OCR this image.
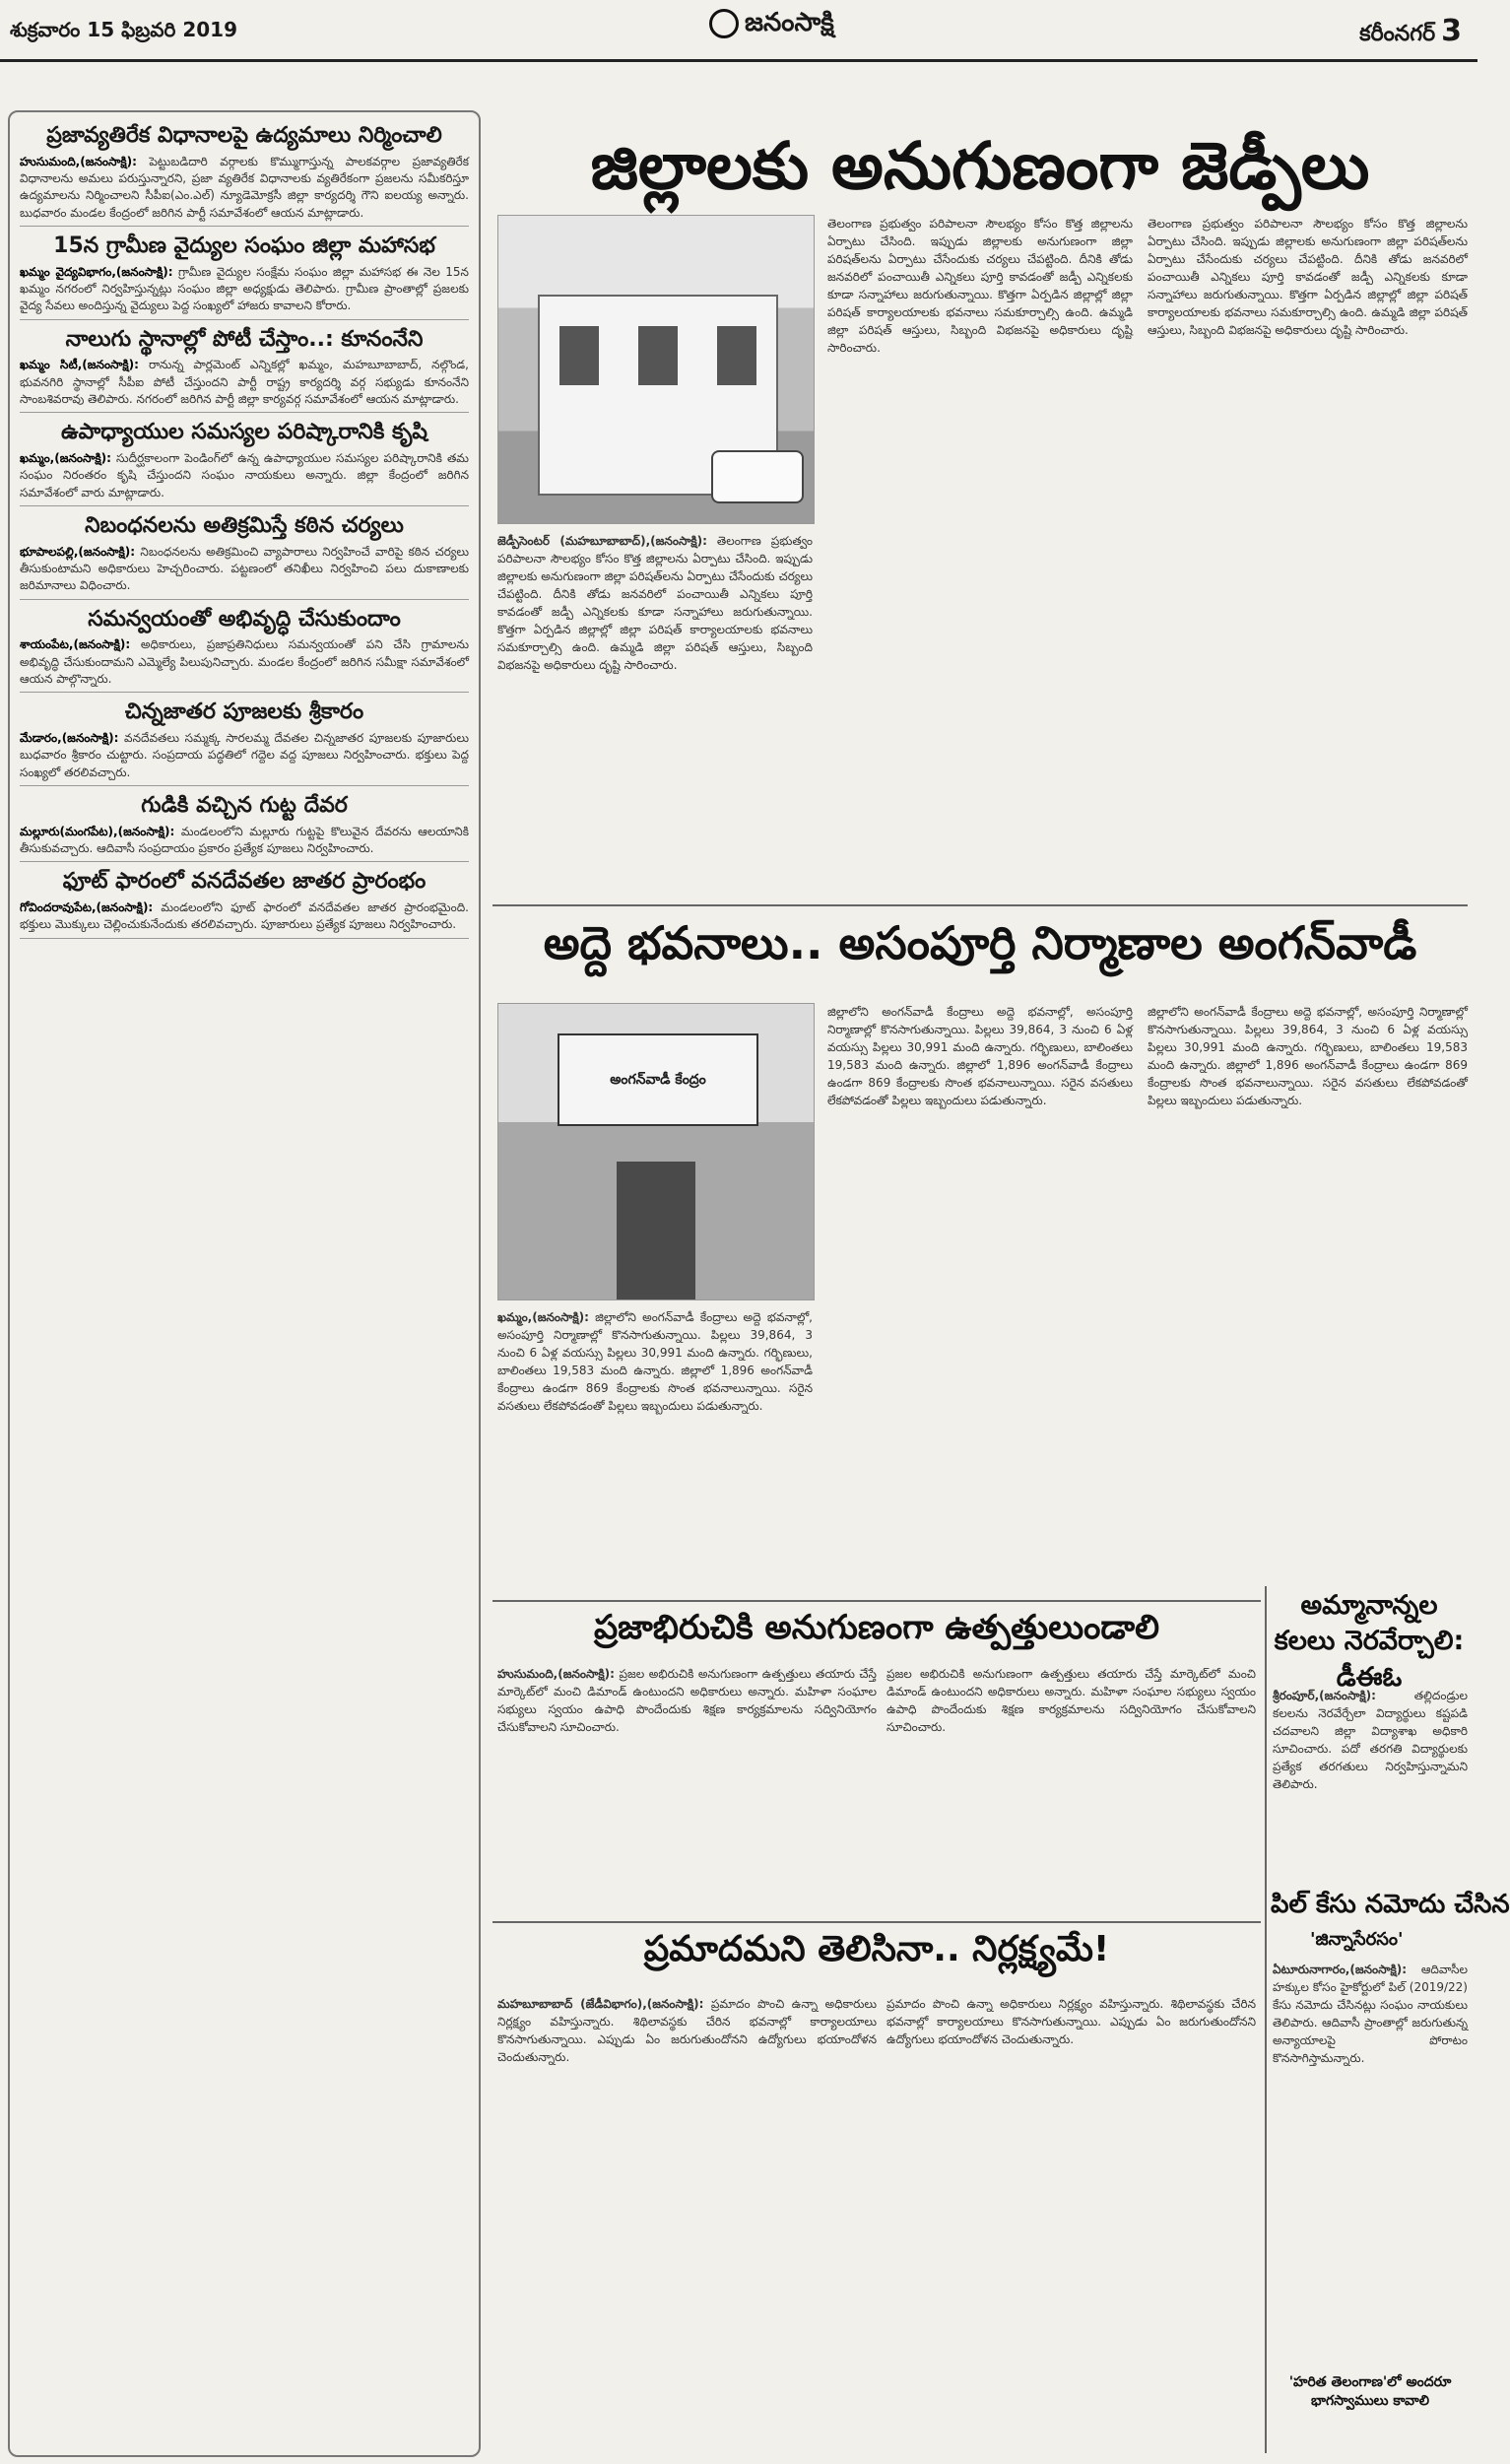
శుక్రవారం 15 ఫిబ్రవరి 2019	జనంసాక్షి	కరీంనగర్ 3
ప్రజావ్యతిరేక విధానాలపై ఉద్యమాలు నిర్మించాలి
హుసుమంది,(జనంసాక్షి): పెట్టుబడిదారి వర్గాలకు కొమ్ముగాస్తున్న పాలకవర్గాల ప్రజావ్యతిరేక విధానాలను అమలు పరుస్తున్నారని, ప్రజా వ్యతిరేక విధానాలకు వ్యతిరేకంగా ప్రజలను సమీకరిస్తూ ఉద్యమాలను నిర్మించాలని సీపీఐ(ఎం.ఎల్) న్యూడెమోక్రసీ జిల్లా కార్యదర్శి గౌని ఐలయ్య అన్నారు. బుధవారం మండల కేంద్రంలో జరిగిన పార్టీ సమావేశంలో ఆయన మాట్లాడారు.
15న గ్రామీణ వైద్యుల సంఘం జిల్లా మహాసభ
ఖమ్మం వైద్యవిభాగం,(జనంసాక్షి): గ్రామీణ వైద్యుల సంక్షేమ సంఘం జిల్లా మహాసభ ఈ నెల 15న ఖమ్మం నగరంలో నిర్వహిస్తున్నట్లు సంఘం జిల్లా అధ్యక్షుడు తెలిపారు. గ్రామీణ ప్రాంతాల్లో ప్రజలకు వైద్య సేవలు అందిస్తున్న వైద్యులు పెద్ద సంఖ్యలో హాజరు కావాలని కోరారు.
నాలుగు స్థానాల్లో పోటీ చేస్తాం..: కూనంనేని
ఖమ్మం సిటీ,(జనంసాక్షి): రానున్న పార్లమెంట్ ఎన్నికల్లో ఖమ్మం, మహబూబాబాద్, నల్గొండ, భువనగిరి స్థానాల్లో సీపీఐ పోటీ చేస్తుందని పార్టీ రాష్ట్ర కార్యదర్శి వర్గ సభ్యుడు కూనంనేని సాంబశివరావు తెలిపారు. నగరంలో జరిగిన పార్టీ జిల్లా కార్యవర్గ సమావేశంలో ఆయన మాట్లాడారు.
ఉపాధ్యాయుల సమస్యల పరిష్కారానికి కృషి
ఖమ్మం,(జనంసాక్షి): సుదీర్ఘకాలంగా పెండింగ్‌లో ఉన్న ఉపాధ్యాయుల సమస్యల పరిష్కారానికి తమ సంఘం నిరంతరం కృషి చేస్తుందని సంఘం నాయకులు అన్నారు. జిల్లా కేంద్రంలో జరిగిన సమావేశంలో వారు మాట్లాడారు.
నిబంధనలను అతిక్రమిస్తే కఠిన చర్యలు
భూపాలపల్లి,(జనంసాక్షి): నిబంధనలను అతిక్రమించి వ్యాపారాలు నిర్వహించే వారిపై కఠిన చర్యలు తీసుకుంటామని అధికారులు హెచ్చరించారు. పట్టణంలో తనిఖీలు నిర్వహించి పలు దుకాణాలకు జరిమానాలు విధించారు.
సమన్వయంతో అభివృద్ధి చేసుకుందాం
శాయంపేట,(జనంసాక్షి): అధికారులు, ప్రజాప్రతినిధులు సమన్వయంతో పని చేసి గ్రామాలను అభివృద్ధి చేసుకుందామని ఎమ్మెల్యే పిలుపునిచ్చారు. మండల కేంద్రంలో జరిగిన సమీక్షా సమావేశంలో ఆయన పాల్గొన్నారు.
చిన్నజాతర పూజలకు శ్రీకారం
మేడారం,(జనంసాక్షి): వనదేవతలు సమ్మక్క సారలమ్మ దేవతల చిన్నజాతర పూజలకు పూజారులు బుధవారం శ్రీకారం చుట్టారు. సంప్రదాయ పద్ధతిలో గద్దెల వద్ద పూజలు నిర్వహించారు. భక్తులు పెద్ద సంఖ్యలో తరలివచ్చారు.
గుడికి వచ్చిన గుట్ట దేవర
మల్లూరు(మంగపేట),(జనంసాక్షి): మండలంలోని మల్లూరు గుట్టపై కొలువైన దేవరను ఆలయానికి తీసుకువచ్చారు. ఆదివాసీ సంప్రదాయం ప్రకారం ప్రత్యేక పూజలు నిర్వహించారు.
ఫూట్ ఫారంలో వనదేవతల జాతర ప్రారంభం
గోవిందరావుపేట,(జనంసాక్షి): మండలంలోని ఫూట్ ఫారంలో వనదేవతల జాతర ప్రారంభమైంది. భక్తులు మొక్కులు చెల్లించుకునేందుకు తరలివచ్చారు. పూజారులు ప్రత్యేక పూజలు నిర్వహించారు.
జిల్లాలకు అనుగుణంగా జెడ్పీలు
జెడ్పీసెంటర్ (మహబూబాబాద్),(జనంసాక్షి): తెలంగాణ ప్రభుత్వం పరిపాలనా సౌలభ్యం కోసం కొత్త జిల్లాలను ఏర్పాటు చేసింది. ఇప్పుడు జిల్లాలకు అనుగుణంగా జిల్లా పరిషత్‌లను ఏర్పాటు చేసేందుకు చర్యలు చేపట్టింది. దీనికి తోడు జనవరిలో పంచాయితీ ఎన్నికలు పూర్తి కావడంతో జడ్పీ ఎన్నికలకు కూడా సన్నాహాలు జరుగుతున్నాయి. కొత్తగా ఏర్పడిన జిల్లాల్లో జిల్లా పరిషత్ కార్యాలయాలకు భవనాలు సమకూర్చాల్సి ఉంది. ఉమ్మడి జిల్లా పరిషత్ ఆస్తులు, సిబ్బంది విభజనపై అధికారులు దృష్టి సారించారు.
తెలంగాణ ప్రభుత్వం పరిపాలనా సౌలభ్యం కోసం కొత్త జిల్లాలను ఏర్పాటు చేసింది. ఇప్పుడు జిల్లాలకు అనుగుణంగా జిల్లా పరిషత్‌లను ఏర్పాటు చేసేందుకు చర్యలు చేపట్టింది. దీనికి తోడు జనవరిలో పంచాయితీ ఎన్నికలు పూర్తి కావడంతో జడ్పీ ఎన్నికలకు కూడా సన్నాహాలు జరుగుతున్నాయి. కొత్తగా ఏర్పడిన జిల్లాల్లో జిల్లా పరిషత్ కార్యాలయాలకు భవనాలు సమకూర్చాల్సి ఉంది. ఉమ్మడి జిల్లా పరిషత్ ఆస్తులు, సిబ్బంది విభజనపై అధికారులు దృష్టి సారించారు.
తెలంగాణ ప్రభుత్వం పరిపాలనా సౌలభ్యం కోసం కొత్త జిల్లాలను ఏర్పాటు చేసింది. ఇప్పుడు జిల్లాలకు అనుగుణంగా జిల్లా పరిషత్‌లను ఏర్పాటు చేసేందుకు చర్యలు చేపట్టింది. దీనికి తోడు జనవరిలో పంచాయితీ ఎన్నికలు పూర్తి కావడంతో జడ్పీ ఎన్నికలకు కూడా సన్నాహాలు జరుగుతున్నాయి. కొత్తగా ఏర్పడిన జిల్లాల్లో జిల్లా పరిషత్ కార్యాలయాలకు భవనాలు సమకూర్చాల్సి ఉంది. ఉమ్మడి జిల్లా పరిషత్ ఆస్తులు, సిబ్బంది విభజనపై అధికారులు దృష్టి సారించారు.
అద్దె భవనాలు.. అసంపూర్తి నిర్మాణాల అంగన్‌వాడీ
అంగన్‌వాడీ కేంద్రం
ఖమ్మం,(జనంసాక్షి): జిల్లాలోని అంగన్‌వాడీ కేంద్రాలు అద్దె భవనాల్లో, అసంపూర్తి నిర్మాణాల్లో కొనసాగుతున్నాయి. పిల్లలు 39,864, 3 నుంచి 6 ఏళ్ల వయస్సు పిల్లలు 30,991 మంది ఉన్నారు. గర్భిణులు, బాలింతలు 19,583 మంది ఉన్నారు. జిల్లాలో 1,896 అంగన్‌వాడీ కేంద్రాలు ఉండగా 869 కేంద్రాలకు సొంత భవనాలున్నాయి. సరైన వసతులు లేకపోవడంతో పిల్లలు ఇబ్బందులు పడుతున్నారు.
జిల్లాలోని అంగన్‌వాడీ కేంద్రాలు అద్దె భవనాల్లో, అసంపూర్తి నిర్మాణాల్లో కొనసాగుతున్నాయి. పిల్లలు 39,864, 3 నుంచి 6 ఏళ్ల వయస్సు పిల్లలు 30,991 మంది ఉన్నారు. గర్భిణులు, బాలింతలు 19,583 మంది ఉన్నారు. జిల్లాలో 1,896 అంగన్‌వాడీ కేంద్రాలు ఉండగా 869 కేంద్రాలకు సొంత భవనాలున్నాయి. సరైన వసతులు లేకపోవడంతో పిల్లలు ఇబ్బందులు పడుతున్నారు.
జిల్లాలోని అంగన్‌వాడీ కేంద్రాలు అద్దె భవనాల్లో, అసంపూర్తి నిర్మాణాల్లో కొనసాగుతున్నాయి. పిల్లలు 39,864, 3 నుంచి 6 ఏళ్ల వయస్సు పిల్లలు 30,991 మంది ఉన్నారు. గర్భిణులు, బాలింతలు 19,583 మంది ఉన్నారు. జిల్లాలో 1,896 అంగన్‌వాడీ కేంద్రాలు ఉండగా 869 కేంద్రాలకు సొంత భవనాలున్నాయి. సరైన వసతులు లేకపోవడంతో పిల్లలు ఇబ్బందులు పడుతున్నారు.
ప్రజాభిరుచికి అనుగుణంగా ఉత్పత్తులుండాలి
హుసుమంది,(జనంసాక్షి): ప్రజల అభిరుచికి అనుగుణంగా ఉత్పత్తులు తయారు చేస్తే మార్కెట్‌లో మంచి డిమాండ్ ఉంటుందని అధికారులు అన్నారు. మహిళా సంఘాల సభ్యులు స్వయం ఉపాధి పొందేందుకు శిక్షణ కార్యక్రమాలను సద్వినియోగం చేసుకోవాలని సూచించారు.
ప్రజల అభిరుచికి అనుగుణంగా ఉత్పత్తులు తయారు చేస్తే మార్కెట్‌లో మంచి డిమాండ్ ఉంటుందని అధికారులు అన్నారు. మహిళా సంఘాల సభ్యులు స్వయం ఉపాధి పొందేందుకు శిక్షణ కార్యక్రమాలను సద్వినియోగం చేసుకోవాలని సూచించారు.
ప్రమాదమని తెలిసినా.. నిర్లక్ష్యమే!
మహబూబాబాద్ (జేడీవిభాగం),(జనంసాక్షి): ప్రమాదం పొంచి ఉన్నా అధికారులు నిర్లక్ష్యం వహిస్తున్నారు. శిథిలావస్థకు చేరిన భవనాల్లో కార్యాలయాలు కొనసాగుతున్నాయి. ఎప్పుడు ఏం జరుగుతుందోనని ఉద్యోగులు భయాందోళన చెందుతున్నారు.
ప్రమాదం పొంచి ఉన్నా అధికారులు నిర్లక్ష్యం వహిస్తున్నారు. శిథిలావస్థకు చేరిన భవనాల్లో కార్యాలయాలు కొనసాగుతున్నాయి. ఎప్పుడు ఏం జరుగుతుందోనని ఉద్యోగులు భయాందోళన చెందుతున్నారు.
అమ్మానాన్నల కలలు నెరవేర్చాలి: డీఈఓ
శ్రీరంపూర్,(జనంసాక్షి):	తల్లిదండ్రుల కలలను నెరవేర్చేలా విద్యార్థులు కష్టపడి చదవాలని జిల్లా విద్యాశాఖ అధికారి సూచించారు. పదో తరగతి విద్యార్థులకు ప్రత్యేక తరగతులు నిర్వహిస్తున్నామని తెలిపారు.
పిల్ కేసు నమోదు చేసిన
'జిన్నాసేరసం'
ఏటూరునాగారం,(జనంసాక్షి): ఆదివాసీల హక్కుల కోసం హైకోర్టులో పిల్ (2019/22) కేసు నమోదు చేసినట్లు సంఘం నాయకులు తెలిపారు. ఆదివాసీ ప్రాంతాల్లో జరుగుతున్న అన్యాయాలపై పోరాటం కొనసాగిస్తామన్నారు.
'హరిత తెలంగాణ'లో అందరూ భాగస్వాములు కావాలి
